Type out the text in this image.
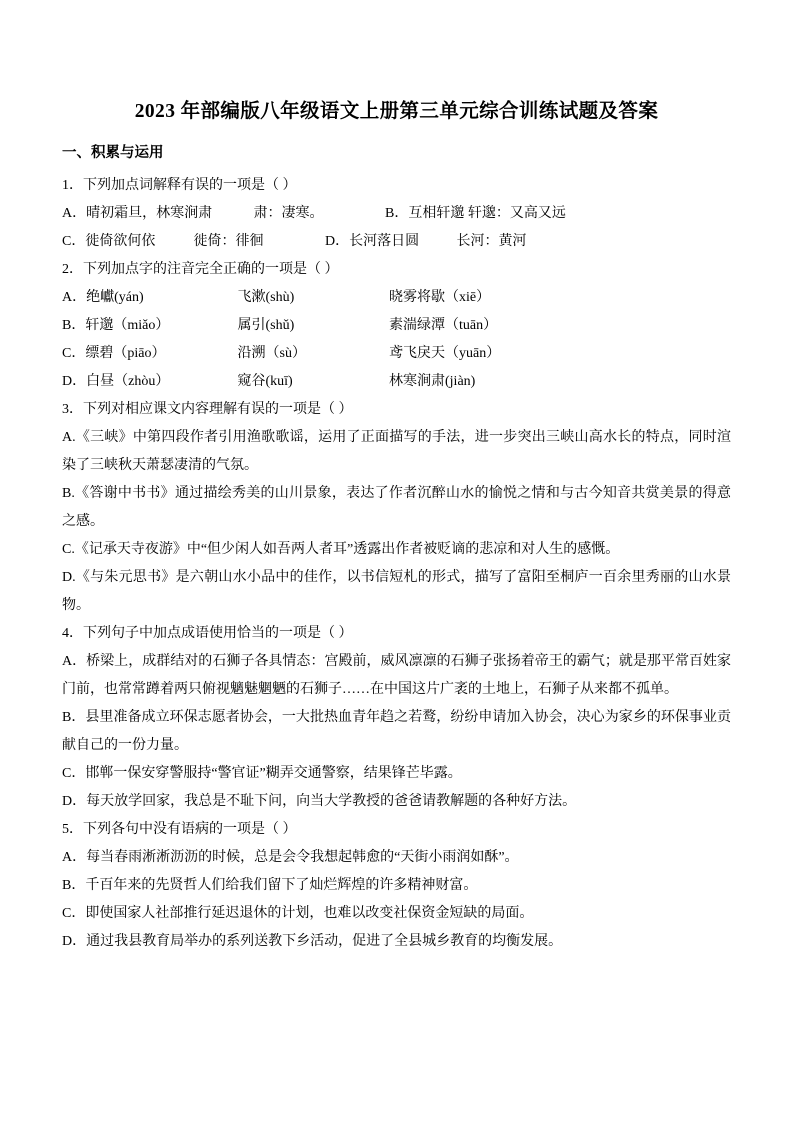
2023 年部编版八年级语文上册第三单元综合训练试题及答案
一、积累与运用

1．下列加点词解释有误的一项是（ ）

A．晴初霜旦，林寒涧肃	肃：凄寒。	B．互相轩邈 轩邈：又高又远

C．徙倚欲何依	徙倚：徘徊	D．长河落日圆	长河：黄河

2．下列加点字的注音完全正确的一项是（ ）

A．绝巘(yán)	飞漱(shù)	晓雾将歇（xiē）

B．轩邈（miǎo）	属引(shǔ)	素湍绿潭（tuān）

C．缥碧（piāo）	沿溯（sù）	鸢飞戾天（yuān）

D．白昼（zhòu）	窥谷(kuī)	林寒涧肃(jiàn)

3．下列对相应课文内容理解有误的一项是（ ）

A.《三峡》中第四段作者引用渔歌歌谣，运用了正面描写的手法，进一步突出三峡山高水长的特点，同时渲染了三峡秋天萧瑟凄清的气氛。

B.《答谢中书书》通过描绘秀美的山川景象，表达了作者沉醉山水的愉悦之情和与古今知音共赏美景的得意之感。

C.《记承天寺夜游》中“但少闲人如吾两人者耳”透露出作者被贬谪的悲凉和对人生的感慨。

D.《与朱元思书》是六朝山水小品中的佳作，以书信短札的形式，描写了富阳至桐庐一百余里秀丽的山水景物。

4．下列句子中加点成语使用恰当的一项是（ ）

A．桥梁上，成群结对的石狮子各具情态：宫殿前，威风凛凛的石狮子张扬着帝王的霸气；就是那平常百姓家门前，也常常蹲着两只俯视魑魅魍魉的石狮子……在中国这片广袤的土地上，石狮子从来都不孤单。

B．县里准备成立环保志愿者协会，一大批热血青年趋之若鹜，纷纷申请加入协会，决心为家乡的环保事业贡献自己的一份力量。

C．邯郸一保安穿警服持“警官证”糊弄交通警察，结果锋芒毕露。

D．每天放学回家，我总是不耻下问，向当大学教授的爸爸请教解题的各种好方法。

5．下列各句中没有语病的一项是（ ）

A．每当春雨淅淅沥沥的时候，总是会令我想起韩愈的“天街小雨润如酥”。

B．千百年来的先贤哲人们给我们留下了灿烂辉煌的许多精神财富。

C．即使国家人社部推行延迟退休的计划，也难以改变社保资金短缺的局面。

D．通过我县教育局举办的系列送教下乡活动，促进了全县城乡教育的均衡发展。
